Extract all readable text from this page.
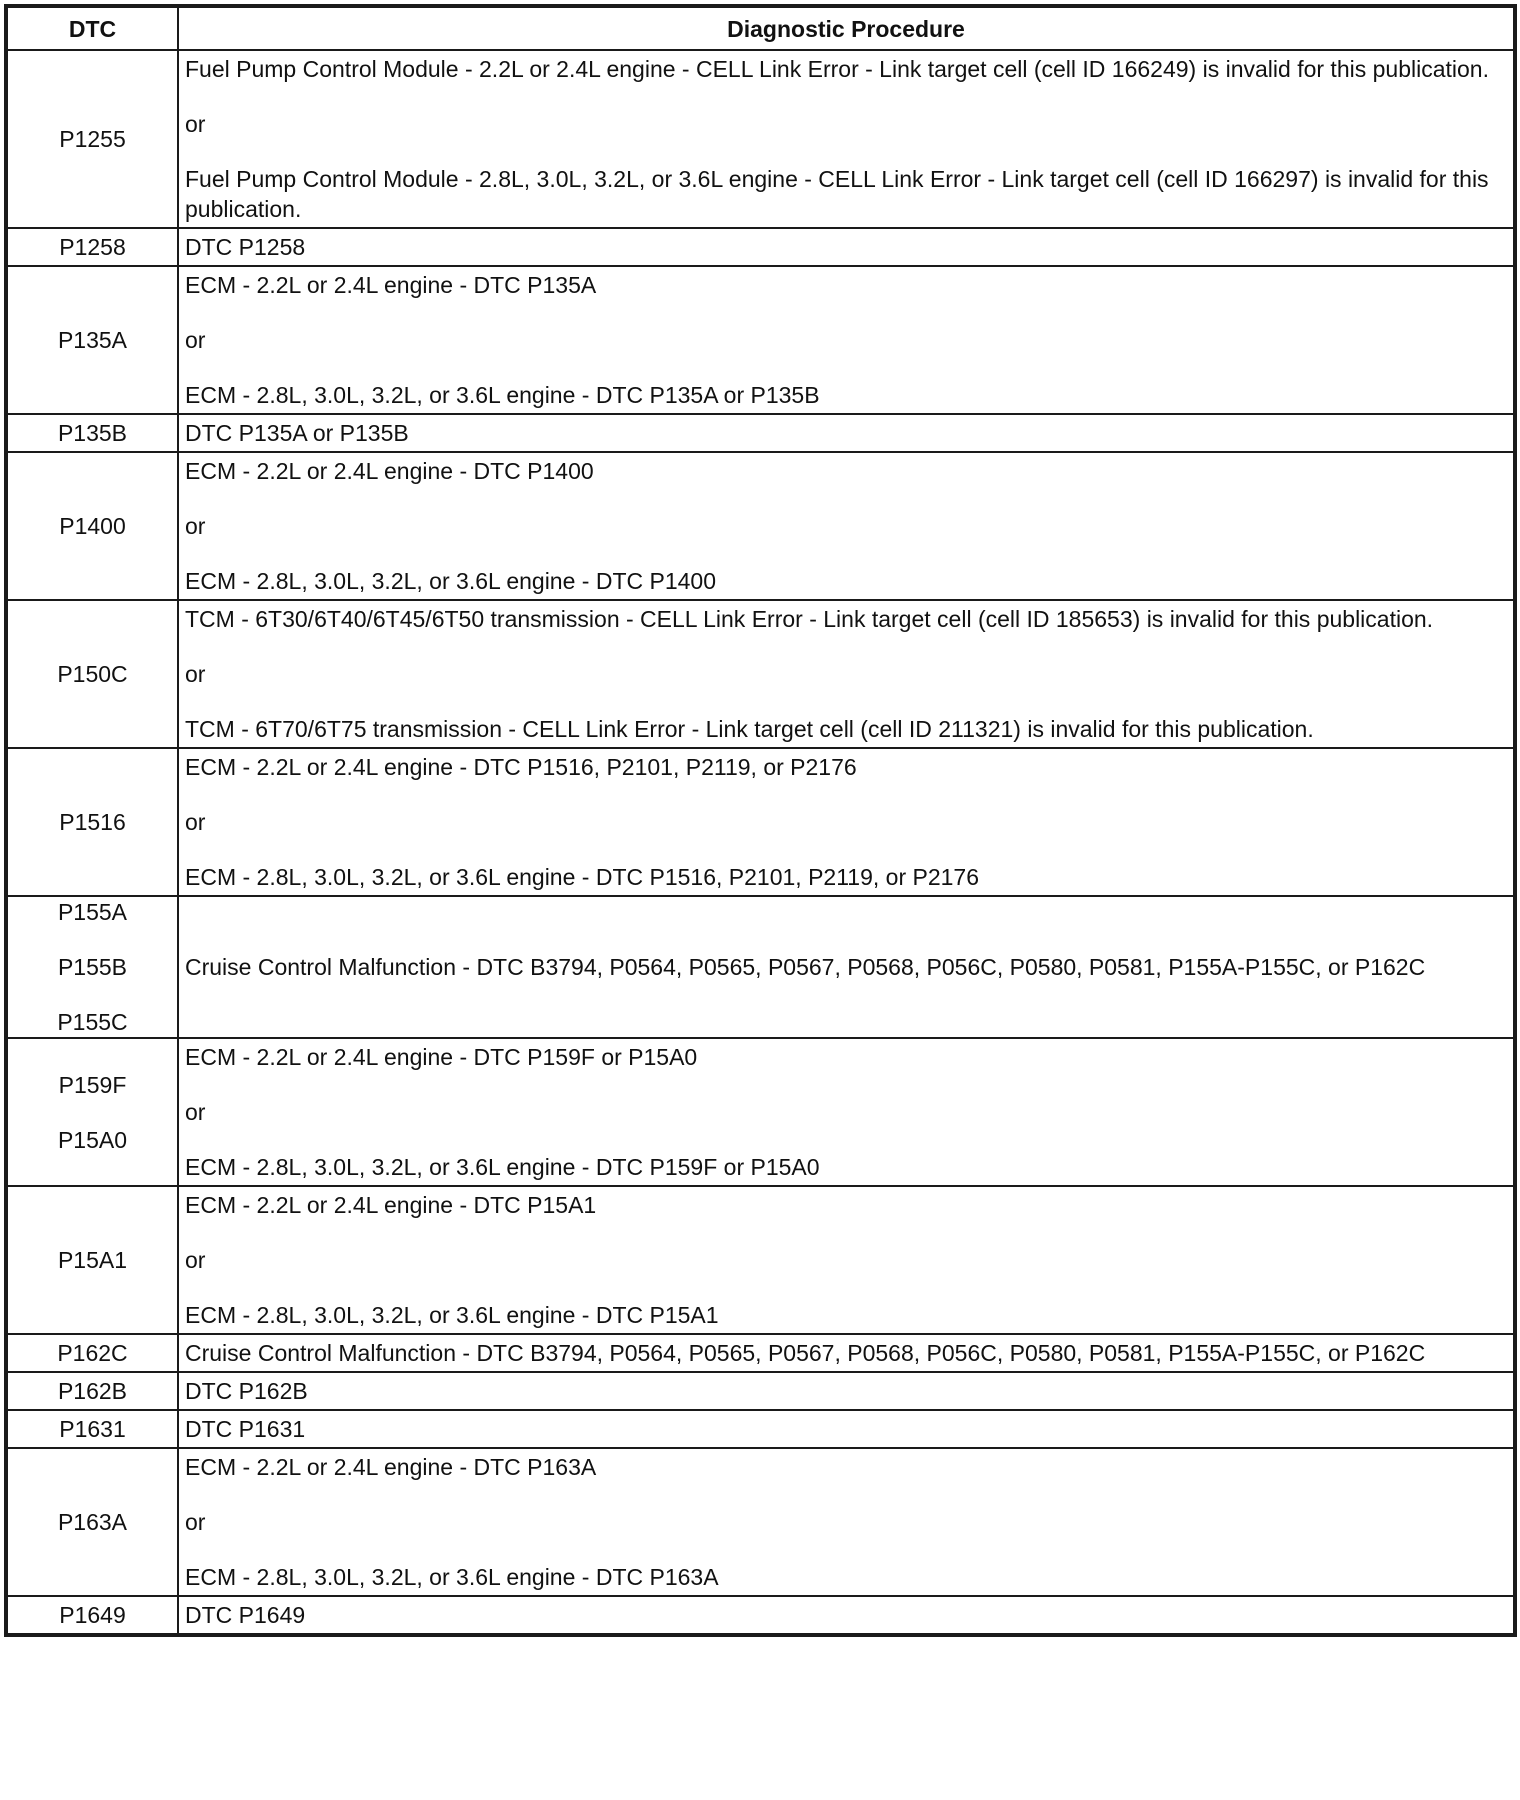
DTC	Diagnostic Procedure

P1255	Fuel Pump Control Module - 2.2L or 2.4L engine - CELL Link Error - Link target cell (cell ID 166249) is invalid for this publication.
or
Fuel Pump Control Module - 2.8L, 3.0L, 3.2L, or 3.6L engine - CELL Link Error - Link target cell (cell ID 166297) is invalid for this publication.

P1258	DTC P1258

P135A	ECM - 2.2L or 2.4L engine - DTC P135A
or
ECM - 2.8L, 3.0L, 3.2L, or 3.6L engine - DTC P135A or P135B

P135B	DTC P135A or P135B

P1400	ECM - 2.2L or 2.4L engine - DTC P1400
or
ECM - 2.8L, 3.0L, 3.2L, or 3.6L engine - DTC P1400

P150C	TCM - 6T30/6T40/6T45/6T50 transmission - CELL Link Error - Link target cell (cell ID 185653) is invalid for this publication.
or
TCM - 6T70/6T75 transmission - CELL Link Error - Link target cell (cell ID 211321) is invalid for this publication.

P1516	ECM - 2.2L or 2.4L engine - DTC P1516, P2101, P2119, or P2176
or
ECM - 2.8L, 3.0L, 3.2L, or 3.6L engine - DTC P1516, P2101, P2119, or P2176

P155A
P155B
P155C	Cruise Control Malfunction - DTC B3794, P0564, P0565, P0567, P0568, P056C, P0580, P0581, P155A-P155C, or P162C

P159F
P15A0	ECM - 2.2L or 2.4L engine - DTC P159F or P15A0
or
ECM - 2.8L, 3.0L, 3.2L, or 3.6L engine - DTC P159F or P15A0

P15A1	ECM - 2.2L or 2.4L engine - DTC P15A1
or
ECM - 2.8L, 3.0L, 3.2L, or 3.6L engine - DTC P15A1

P162C	Cruise Control Malfunction - DTC B3794, P0564, P0565, P0567, P0568, P056C, P0580, P0581, P155A-P155C, or P162C

P162B	DTC P162B

P1631	DTC P1631

P163A	ECM - 2.2L or 2.4L engine - DTC P163A
or
ECM - 2.8L, 3.0L, 3.2L, or 3.6L engine - DTC P163A

P1649	DTC P1649
